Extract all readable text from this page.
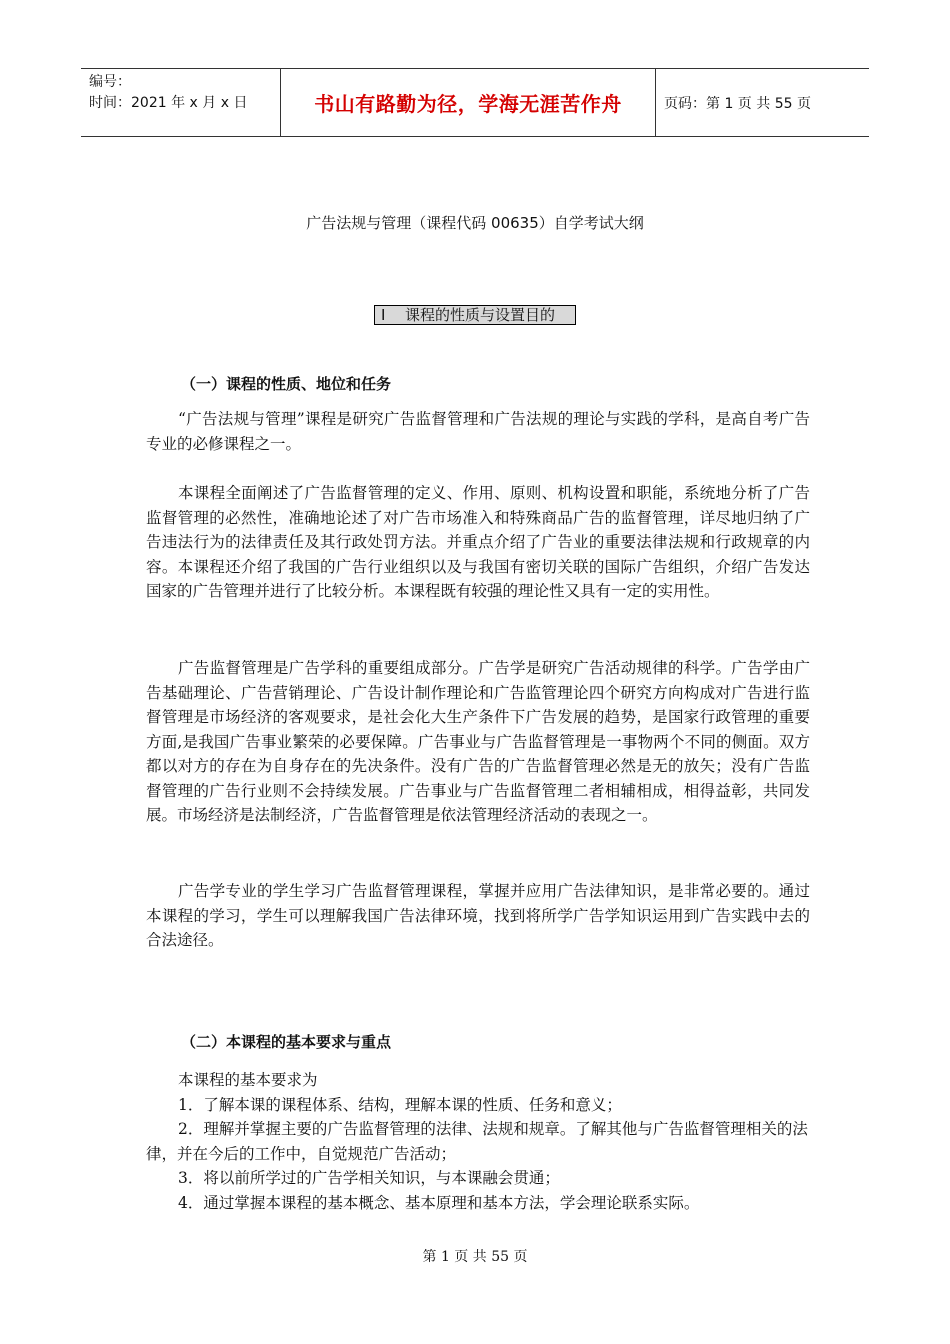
编号：
时间：2021 年 x 月 x 日	书山有路勤为径，学海无涯苦作舟	页码：第 1 页 共 55 页
广告法规与管理（课程代码 00635）自学考试大纲
Ⅰ 课程的性质与设置目的
（一）课程的性质、地位和任务

“广告法规与管理”课程是研究广告监督管理和广告法规的理论与实践的学科，是高自考广告专业的必修课程之一。

本课程全面阐述了广告监督管理的定义、作用、原则、机构设置和职能，系统地分析了广告监督管理的必然性，准确地论述了对广告市场准入和特殊商品广告的监督管理，详尽地归纳了广告违法行为的法律责任及其行政处罚方法。并重点介绍了广告业的重要法律法规和行政规章的内容。本课程还介绍了我国的广告行业组织以及与我国有密切关联的国际广告组织，介绍广告发达国家的广告管理并进行了比较分析。本课程既有较强的理论性又具有一定的实用性。

广告监督管理是广告学科的重要组成部分。广告学是研究广告活动规律的科学。广告学由广告基础理论、广告营销理论、广告设计制作理论和广告监管理论四个研究方向构成对广告进行监督管理是市场经济的客观要求，是社会化大生产条件下广告发展的趋势，是国家行政管理的重要方面,是我国广告事业繁荣的必要保障。广告事业与广告监督管理是一事物两个不同的侧面。双方都以对方的存在为自身存在的先决条件。没有广告的广告监督管理必然是无的放矢；没有广告监督管理的广告行业则不会持续发展。广告事业与广告监督管理二者相辅相成，相得益彰，共同发展。市场经济是法制经济，广告监督管理是依法管理经济活动的表现之一。

广告学专业的学生学习广告监督管理课程，掌握并应用广告法律知识，是非常必要的。通过本课程的学习，学生可以理解我国广告法律环境，找到将所学广告学知识运用到广告实践中去的合法途径。

（二）本课程的基本要求与重点

本课程的基本要求为

1．了解本课的课程体系、结构，理解本课的性质、任务和意义；

2．理解并掌握主要的广告监督管理的法律、法规和规章。了解其他与广告监督管理相关的法律，并在今后的工作中，自觉规范广告活动；

3．将以前所学过的广告学相关知识，与本课融会贯通；

4．通过掌握本课程的基本概念、基本原理和基本方法，学会理论联系实际。

第 1 页 共 55 页
